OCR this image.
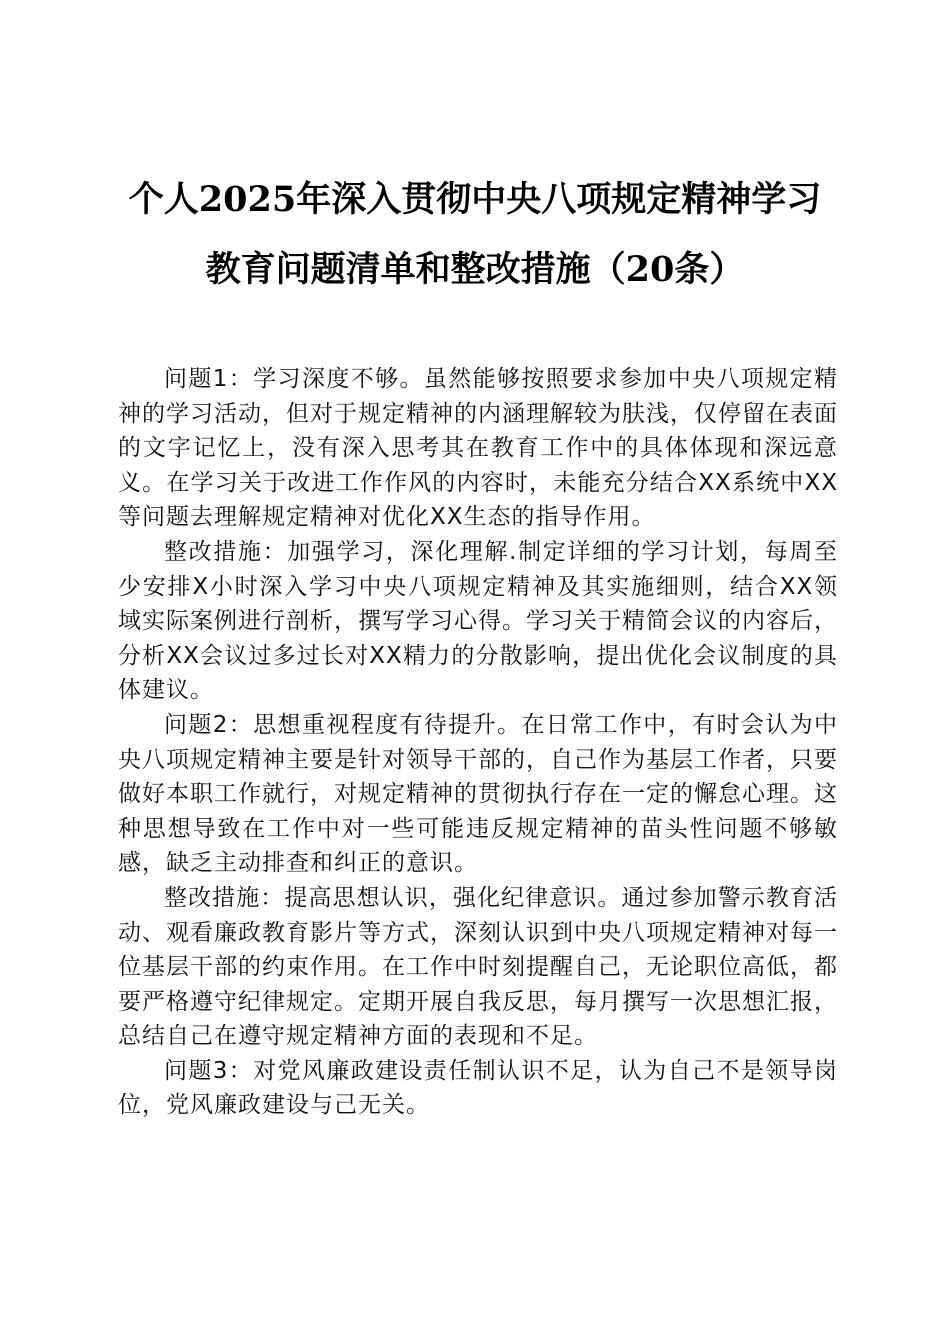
个人2025年深入贯彻中央八项规定精神学习
教育问题清单和整改措施（20条）

问题1：学习深度不够。虽然能够按照要求参加中央八项规定精神的学习活动，但对于规定精神的内涵理解较为肤浅，仅停留在表面的文字记忆上，没有深入思考其在教育工作中的具体体现和深远意义。在学习关于改进工作作风的内容时，未能充分结合XX系统中XX等问题去理解规定精神对优化XX生态的指导作用。

整改措施：加强学习，深化理解.制定详细的学习计划，每周至少安排X小时深入学习中央八项规定精神及其实施细则，结合XX领域实际案例进行剖析，撰写学习心得。学习关于精简会议的内容后，分析XX会议过多过长对XX精力的分散影响，提出优化会议制度的具体建议。

问题2：思想重视程度有待提升。在日常工作中，有时会认为中央八项规定精神主要是针对领导干部的，自己作为基层工作者，只要做好本职工作就行，对规定精神的贯彻执行存在一定的懈怠心理。这种思想导致在工作中对一些可能违反规定精神的苗头性问题不够敏感，缺乏主动排查和纠正的意识。

整改措施：提高思想认识，强化纪律意识。通过参加警示教育活动、观看廉政教育影片等方式，深刻认识到中央八项规定精神对每一位基层干部的约束作用。在工作中时刻提醒自己，无论职位高低，都要严格遵守纪律规定。定期开展自我反思，每月撰写一次思想汇报，总结自己在遵守规定精神方面的表现和不足。

问题3：对党风廉政建设责任制认识不足，认为自己不是领导岗位，党风廉政建设与己无关。
